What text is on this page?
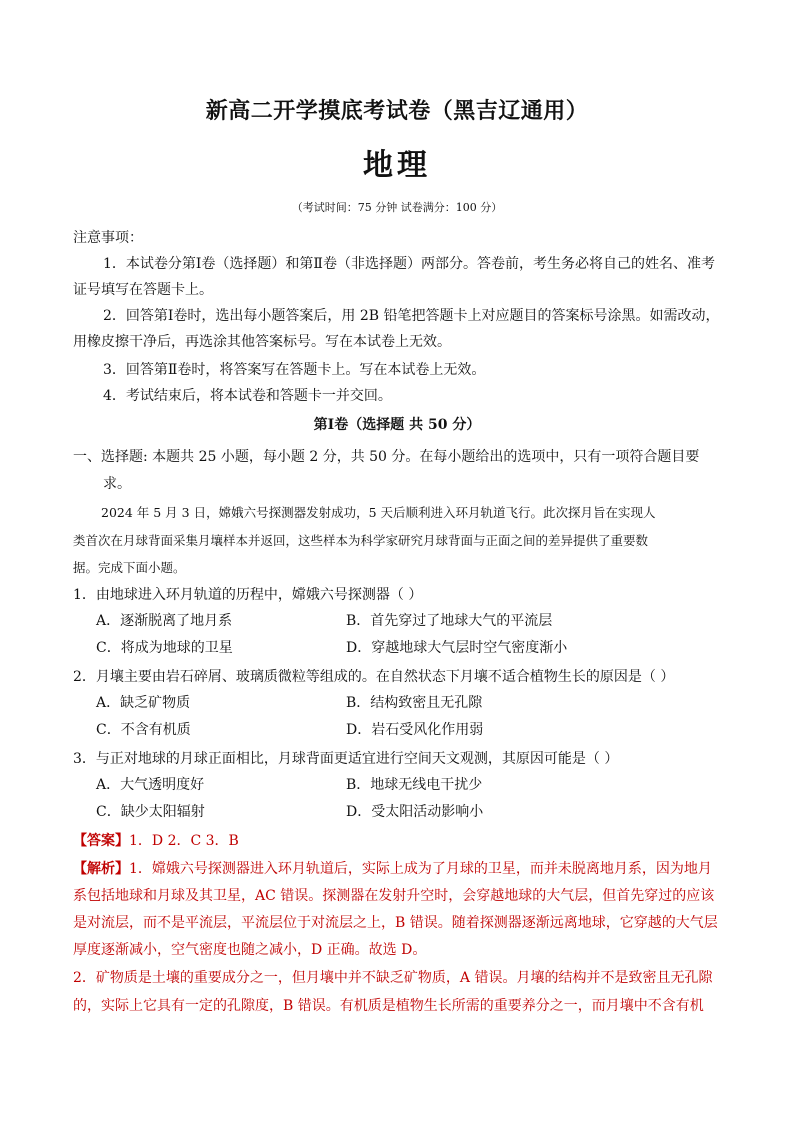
新高二开学摸底考试卷（黑吉辽通用）
地理
（考试时间：75 分钟 试卷满分：100 分）
注意事项：
1．本试卷分第Ⅰ卷（选择题）和第Ⅱ卷（非选择题）两部分。答卷前，考生务必将自己的姓名、准考
证号填写在答题卡上。
2．回答第Ⅰ卷时，选出每小题答案后，用 2B 铅笔把答题卡上对应题目的答案标号涂黑。如需改动，
用橡皮擦干净后，再选涂其他答案标号。写在本试卷上无效。
3．回答第Ⅱ卷时，将答案写在答题卡上。写在本试卷上无效。
4．考试结束后，将本试卷和答题卡一并交回。
第Ⅰ卷（选择题 共 50 分）
一、选择题: 本题共 25 小题，每小题 2 分，共 50 分。在每小题给出的选项中，只有一项符合题目要
求。
2024 年 5 月 3 日，嫦娥六号探测器发射成功，5 天后顺利进入环月轨道飞行。此次探月旨在实现人
类首次在月球背面采集月壤样本并返回，这些样本为科学家研究月球背面与正面之间的差异提供了重要数
据。完成下面小题。
1．由地球进入环月轨道的历程中，嫦娥六号探测器（ ）
A．逐渐脱离了地月系	B．首先穿过了地球大气的平流层
C．将成为地球的卫星	D．穿越地球大气层时空气密度渐小
2．月壤主要由岩石碎屑、玻璃质微粒等组成的。在自然状态下月壤不适合植物生长的原因是（ ）
A．缺乏矿物质	B．结构致密且无孔隙
C．不含有机质	D．岩石受风化作用弱
3．与正对地球的月球正面相比，月球背面更适宜进行空间天文观测，其原因可能是（ ）
A．大气透明度好	B．地球无线电干扰少
C．缺少太阳辐射	D．受太阳活动影响小
【答案】1．D 2．C 3．B
【解析】1．嫦娥六号探测器进入环月轨道后，实际上成为了月球的卫星，而并未脱离地月系，因为地月
系包括地球和月球及其卫星，AC 错误。探测器在发射升空时，会穿越地球的大气层，但首先穿过的应该
是对流层，而不是平流层，平流层位于对流层之上，B 错误。随着探测器逐渐远离地球，它穿越的大气层
厚度逐渐减小，空气密度也随之减小，D 正确。故选 D。
2．矿物质是土壤的重要成分之一，但月壤中并不缺乏矿物质，A 错误。月壤的结构并不是致密且无孔隙
的，实际上它具有一定的孔隙度，B 错误。有机质是植物生长所需的重要养分之一，而月壤中不含有机
